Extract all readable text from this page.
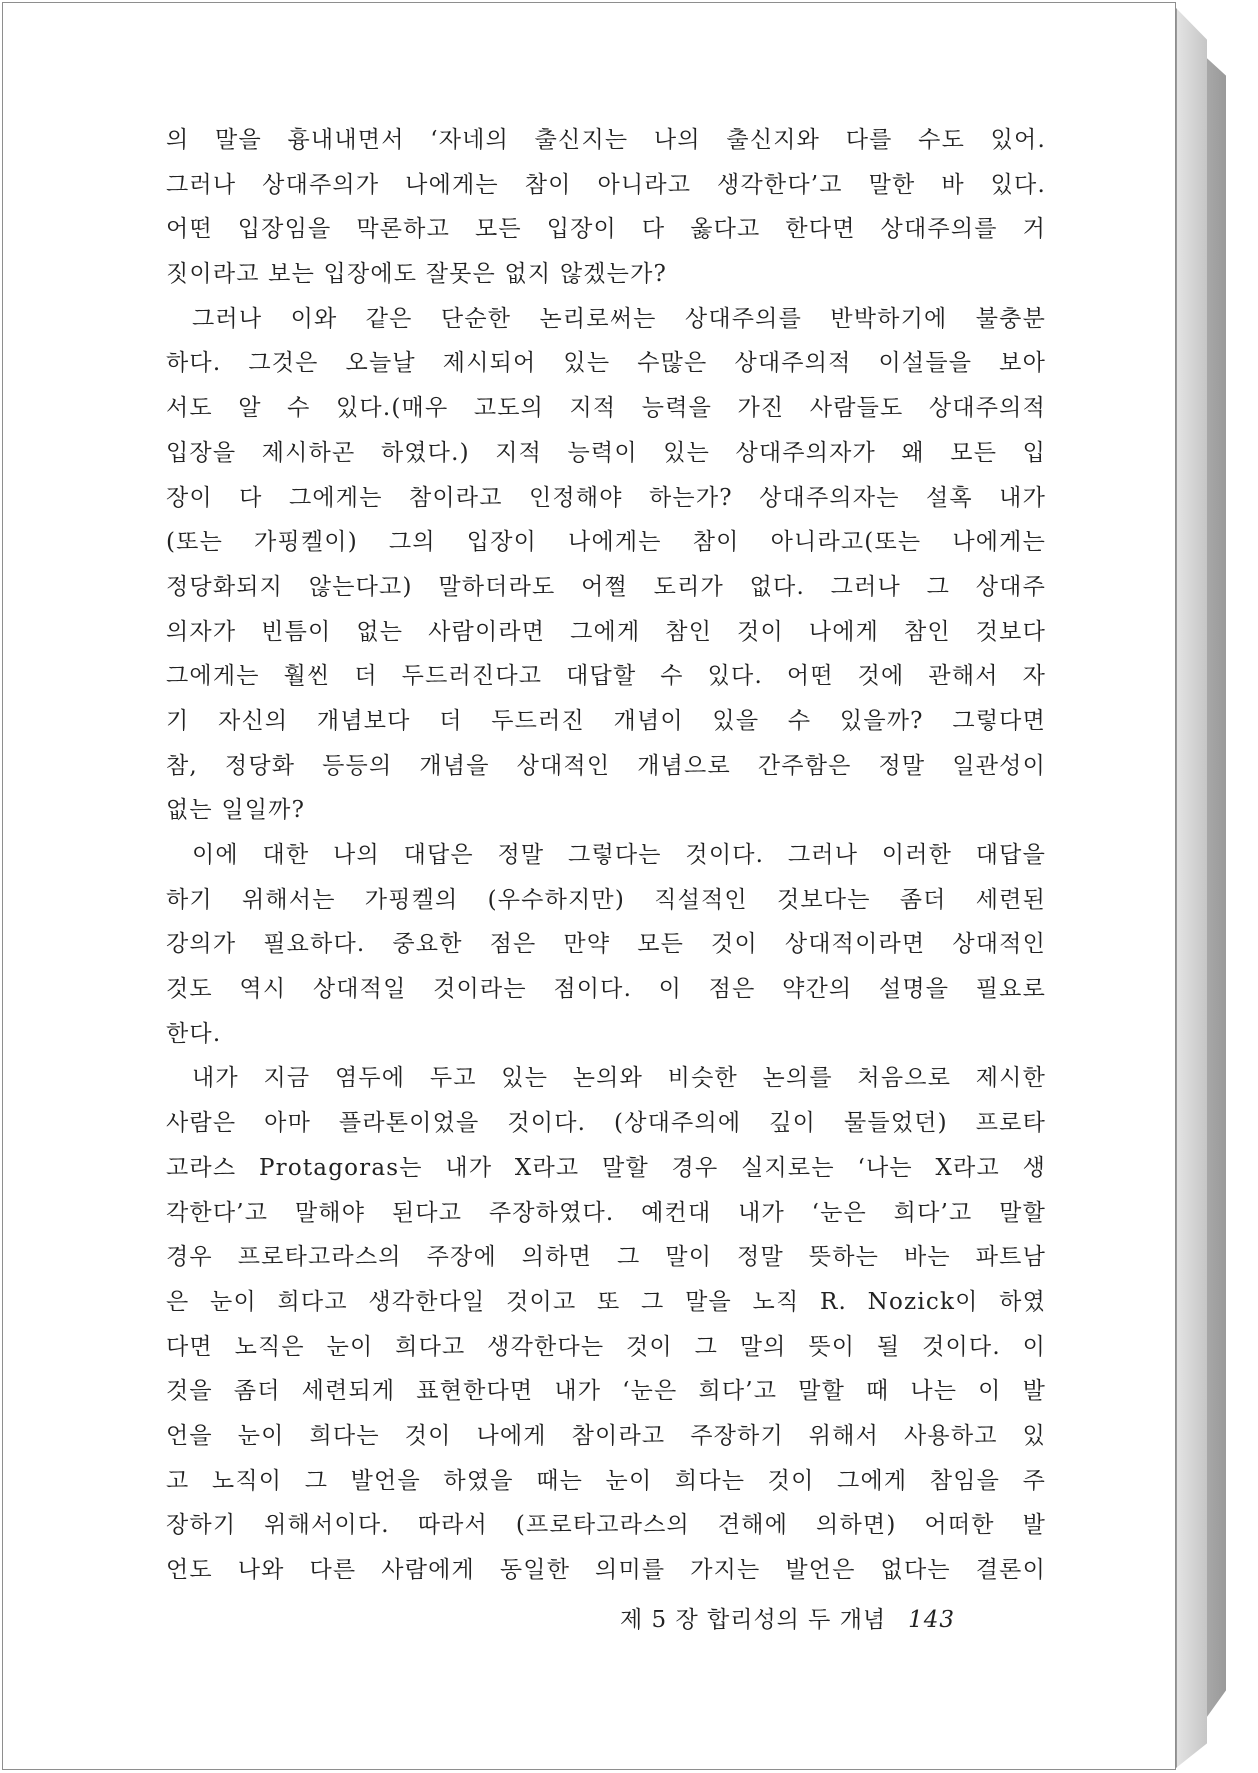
의 말을 흉내내면서 ‘자네의 출신지는 나의 출신지와 다를 수도 있어.
그러나 상대주의가 나에게는 참이 아니라고 생각한다’고 말한 바 있다.
어떤 입장임을 막론하고 모든 입장이 다 옳다고 한다면 상대주의를 거
짓이라고 보는 입장에도 잘못은 없지 않겠는가?
그러나 이와 같은 단순한 논리로써는 상대주의를 반박하기에 불충분
하다. 그것은 오늘날 제시되어 있는 수많은 상대주의적 이설들을 보아
서도 알 수 있다.(매우 고도의 지적 능력을 가진 사람들도 상대주의적
입장을 제시하곤 하였다.) 지적 능력이 있는 상대주의자가 왜 모든 입
장이 다 그에게는 참이라고 인정해야 하는가? 상대주의자는 설혹 내가
(또는 가핑켈이) 그의 입장이 나에게는 참이 아니라고(또는 나에게는
정당화되지 않는다고) 말하더라도 어쩔 도리가 없다. 그러나 그 상대주
의자가 빈틈이 없는 사람이라면 그에게 참인 것이 나에게 참인 것보다
그에게는 훨씬 더 두드러진다고 대답할 수 있다. 어떤 것에 관해서 자
기 자신의 개념보다 더 두드러진 개념이 있을 수 있을까? 그렇다면
참, 정당화 등등의 개념을 상대적인 개념으로 간주함은 정말 일관성이
없는 일일까?
이에 대한 나의 대답은 정말 그렇다는 것이다. 그러나 이러한 대답을
하기 위해서는 가핑켈의 (우수하지만) 직설적인 것보다는 좀더 세련된
강의가 필요하다. 중요한 점은 만약 모든 것이 상대적이라면 상대적인
것도 역시 상대적일 것이라는 점이다. 이 점은 약간의 설명을 필요로
한다.
내가 지금 염두에 두고 있는 논의와 비슷한 논의를 처음으로 제시한
사람은 아마 플라톤이었을 것이다. (상대주의에 깊이 물들었던) 프로타
고라스 Protagoras는 내가 X라고 말할 경우 실지로는 ‘나는 X라고 생
각한다’고 말해야 된다고 주장하였다. 예컨대 내가 ‘눈은 희다’고 말할
경우 프로타고라스의 주장에 의하면 그 말이 정말 뜻하는 바는 파트남
은 눈이 희다고 생각한다일 것이고 또 그 말을 노직 R. Nozick이 하였
다면 노직은 눈이 희다고 생각한다는 것이 그 말의 뜻이 될 것이다. 이
것을 좀더 세련되게 표현한다면 내가 ‘눈은 희다’고 말할 때 나는 이 발
언을 눈이 희다는 것이 나에게 참이라고 주장하기 위해서 사용하고 있
고 노직이 그 발언을 하였을 때는 눈이 희다는 것이 그에게 참임을 주
장하기 위해서이다. 따라서 (프로타고라스의 견해에 의하면) 어떠한 발
언도 나와 다른 사람에게 동일한 의미를 가지는 발언은 없다는 결론이
제 5 장 합리성의 두 개념 143
